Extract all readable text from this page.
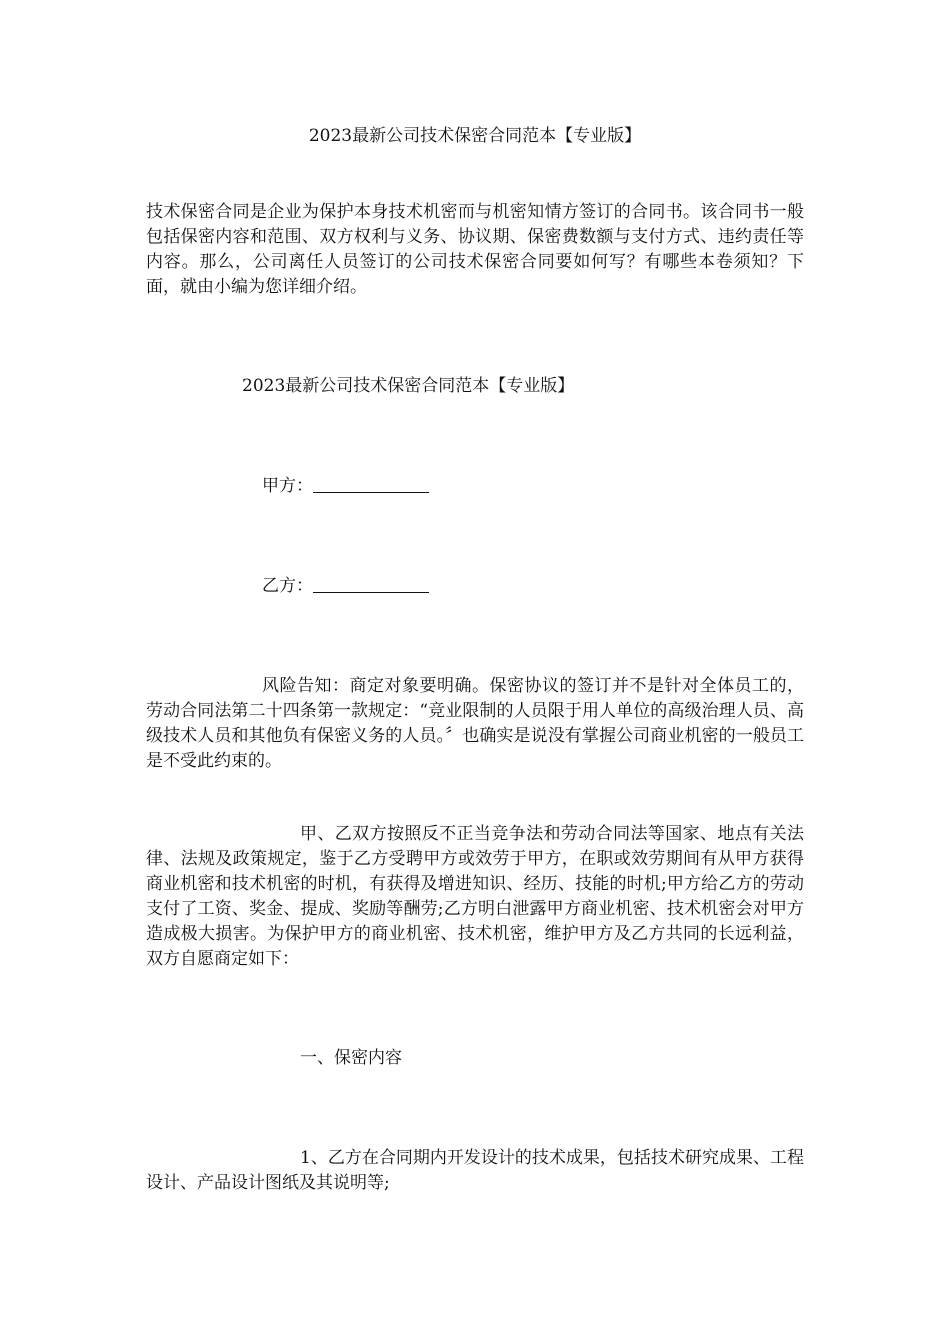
2023最新公司技术保密合同范本【专业版】

技术保密合同是企业为保护本身技术机密而与机密知情方签订的合同书。该合同书一般包括保密内容和范围、双方权利与义务、协议期、保密费数额与支付方式、违约责任等内容。那么，公司离任人员签订的公司技术保密合同要如何写？有哪些本卷须知？下面，就由小编为您详细介绍。

2023最新公司技术保密合同范本【专业版】

甲方：

乙方：

风险告知：商定对象要明确。保密协议的签订并不是针对全体员工的，劳动合同法第二十四条第一款规定：“竞业限制的人员限于用人单位的高级治理人员、高级技术人员和其他负有保密义务的人员。〞也确实是说没有掌握公司商业机密的一般员工是不受此约束的。

甲、乙双方按照反不正当竞争法和劳动合同法等国家、地点有关法律、法规及政策规定，鉴于乙方受聘甲方或效劳于甲方，在职或效劳期间有从甲方获得商业机密和技术机密的时机，有获得及增进知识、经历、技能的时机;甲方给乙方的劳动支付了工资、奖金、提成、奖励等酬劳;乙方明白泄露甲方商业机密、技术机密会对甲方造成极大损害。为保护甲方的商业机密、技术机密，维护甲方及乙方共同的长远利益，双方自愿商定如下：

一、保密内容

1、乙方在合同期内开发设计的技术成果，包括技术研究成果、工程设计、产品设计图纸及其说明等;
